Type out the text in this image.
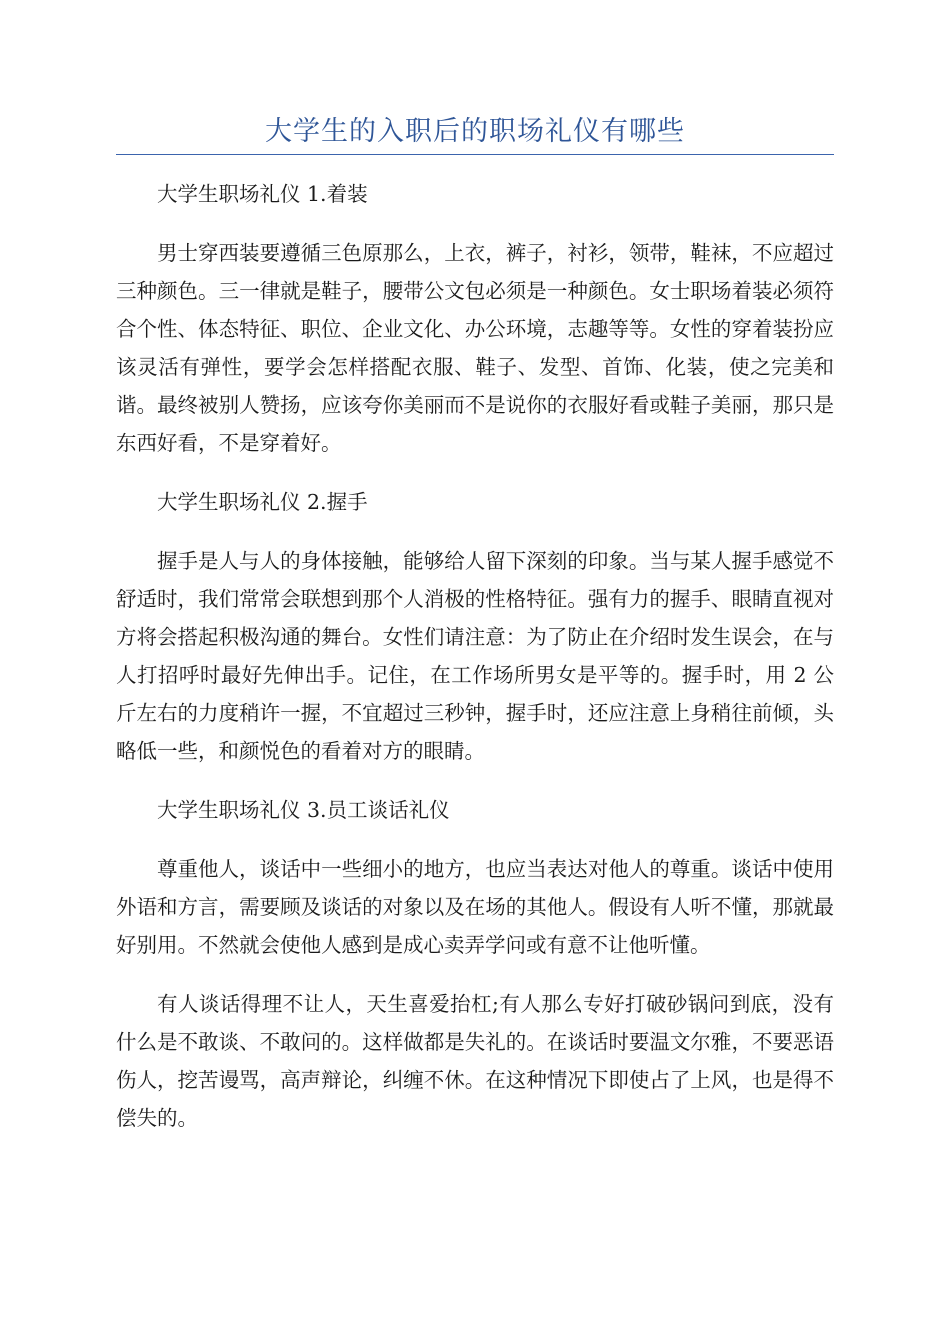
大学生的入职后的职场礼仪有哪些

大学生职场礼仪 1.着装

男士穿西装要遵循三色原那么，上衣，裤子，衬衫，领带，鞋袜，不应超过三种颜色。三一律就是鞋子，腰带公文包必须是一种颜色。女士职场着装必须符合个性、体态特征、职位、企业文化、办公环境，志趣等等。女性的穿着装扮应该灵活有弹性，要学会怎样搭配衣服、鞋子、发型、首饰、化装，使之完美和谐。最终被别人赞扬，应该夸你美丽而不是说你的衣服好看或鞋子美丽，那只是东西好看，不是穿着好。

大学生职场礼仪 2.握手

握手是人与人的身体接触，能够给人留下深刻的印象。当与某人握手感觉不舒适时，我们常常会联想到那个人消极的性格特征。强有力的握手、眼睛直视对方将会搭起积极沟通的舞台。女性们请注意：为了防止在介绍时发生误会，在与人打招呼时最好先伸出手。记住，在工作场所男女是平等的。握手时，用 2 公斤左右的力度稍许一握，不宜超过三秒钟，握手时，还应注意上身稍往前倾，头略低一些，和颜悦色的看着对方的眼睛。

大学生职场礼仪 3.员工谈话礼仪

尊重他人，谈话中一些细小的地方，也应当表达对他人的尊重。谈话中使用外语和方言，需要顾及谈话的对象以及在场的其他人。假设有人听不懂，那就最好别用。不然就会使他人感到是成心卖弄学问或有意不让他听懂。

有人谈话得理不让人，天生喜爱抬杠;有人那么专好打破砂锅问到底，没有什么是不敢谈、不敢问的。这样做都是失礼的。在谈话时要温文尔雅，不要恶语伤人，挖苦谩骂，高声辩论，纠缠不休。在这种情况下即使占了上风，也是得不偿失的。
